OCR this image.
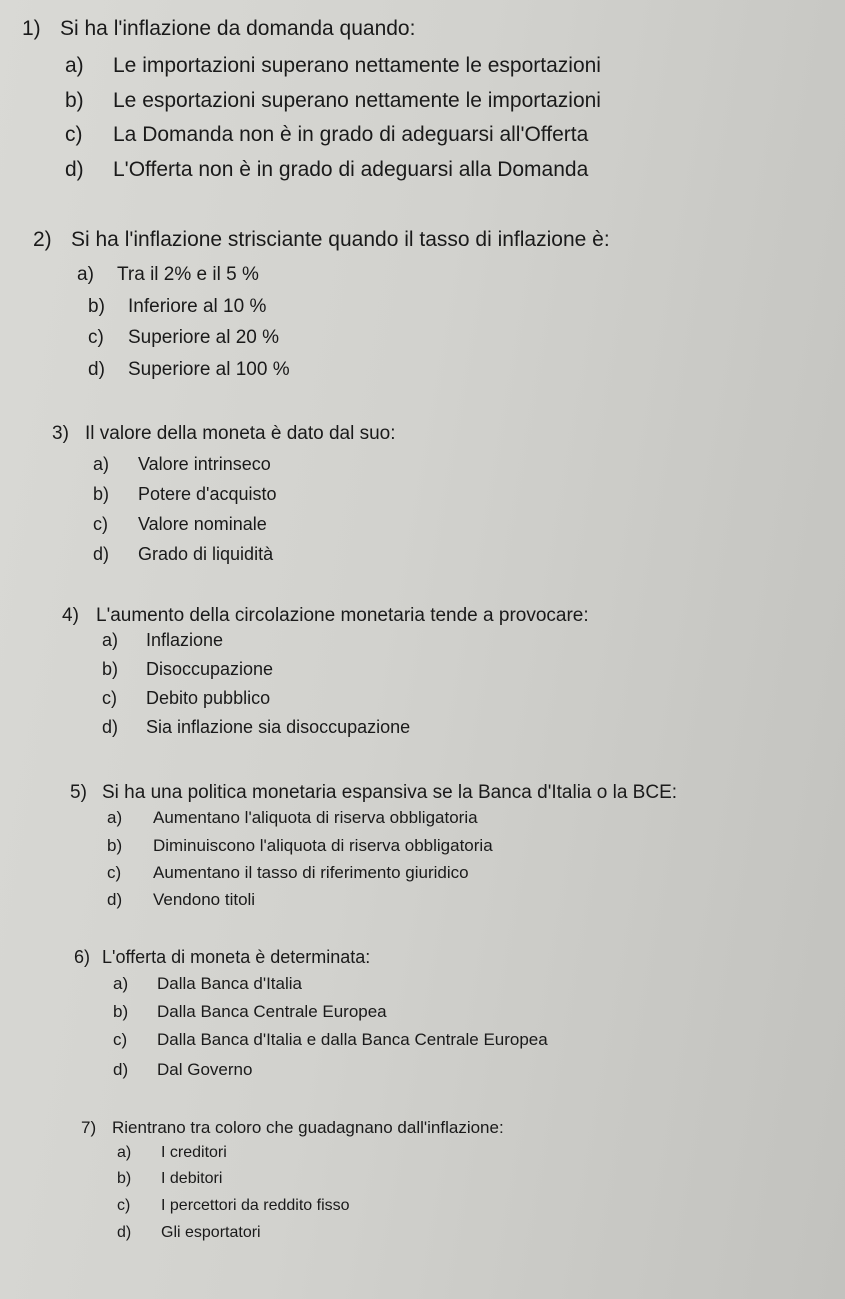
1) Si ha l'inflazione da domanda quando:
a) Le importazioni superano nettamente le esportazioni
b) Le esportazioni superano nettamente le importazioni
c) La Domanda non è in grado di adeguarsi all'Offerta
d) L'Offerta non è in grado di adeguarsi alla Domanda
2) Si ha l'inflazione strisciante quando il tasso di inflazione è:
a) Tra il 2% e il 5 %
b) Inferiore al 10 %
c) Superiore al 20 %
d) Superiore al 100 %
3) Il valore della moneta è dato dal suo:
a) Valore intrinseco
b) Potere d'acquisto
c) Valore nominale
d) Grado di liquidità
4) L'aumento della circolazione monetaria tende a provocare:
a) Inflazione
b) Disoccupazione
c) Debito pubblico
d) Sia inflazione sia disoccupazione
5) Si ha una politica monetaria espansiva se la Banca d'Italia o la BCE:
a) Aumentano l'aliquota di riserva obbligatoria
b) Diminuiscono l'aliquota di riserva obbligatoria
c) Aumentano il tasso di riferimento giuridico
d) Vendono titoli
6) L'offerta di moneta è determinata:
a) Dalla Banca d'Italia
b) Dalla Banca Centrale Europea
c) Dalla Banca d'Italia e dalla Banca Centrale Europea
d) Dal Governo
7) Rientrano tra coloro che guadagnano dall'inflazione:
a) I creditori
b) I debitori
c) I percettori da reddito fisso
d) Gli esportatori
